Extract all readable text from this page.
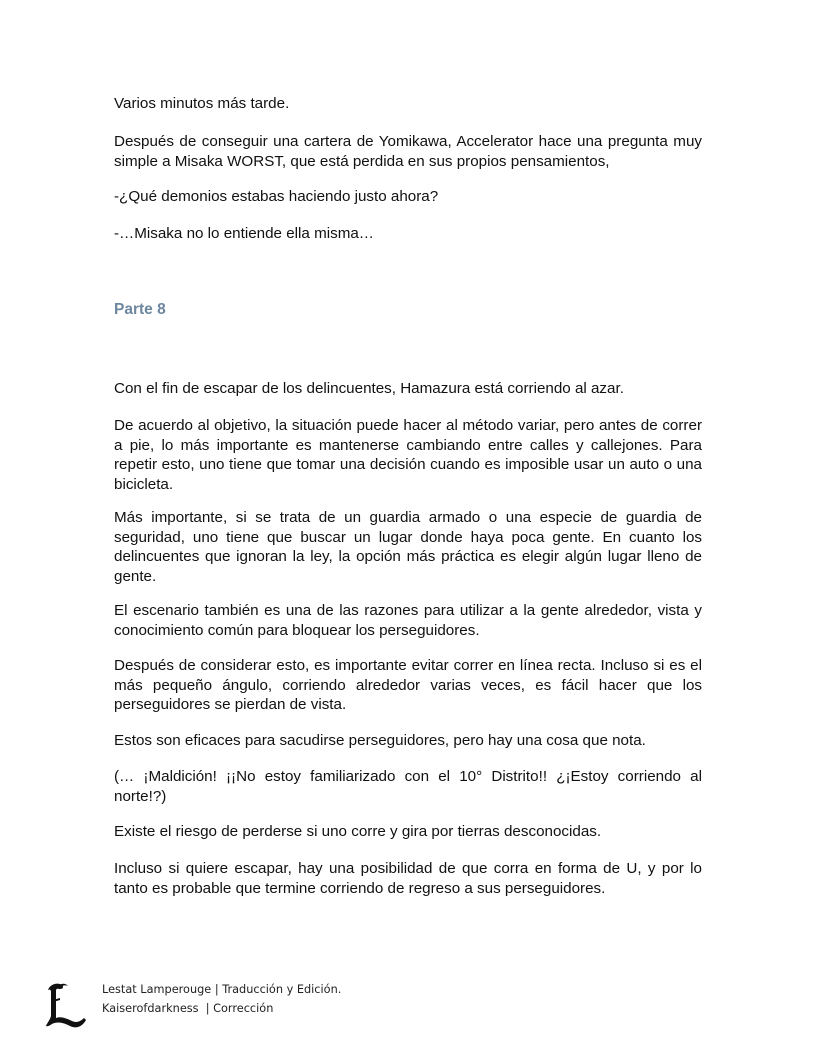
Varios minutos más tarde.

Después de conseguir una cartera de Yomikawa, Accelerator hace una pregunta muy simple a Misaka WORST, que está perdida en sus propios pensamientos,

-¿Qué demonios estabas haciendo justo ahora?

-…Misaka no lo entiende ella misma…

Parte 8

Con el fin de escapar de los delincuentes, Hamazura está corriendo al azar.

De acuerdo al objetivo, la situación puede hacer al método variar, pero antes de correr a pie, lo más importante es mantenerse cambiando entre calles y callejones. Para repetir esto, uno tiene que tomar una decisión cuando es imposible usar un auto o una bicicleta.

Más importante, si se trata de un guardia armado o una especie de guardia de seguridad, uno tiene que buscar un lugar donde haya poca gente. En cuanto los delincuentes que ignoran la ley, la opción más práctica es elegir algún lugar lleno de gente.

El escenario también es una de las razones para utilizar a la gente alrededor, vista y conocimiento común para bloquear los perseguidores.

Después de considerar esto, es importante evitar correr en línea recta. Incluso si es el más pequeño ángulo, corriendo alrededor varias veces, es fácil hacer que los perseguidores se pierdan de vista.

Estos son eficaces para sacudirse perseguidores, pero hay una cosa que nota.

(… ¡Maldición! ¡¡No estoy familiarizado con el 10° Distrito!! ¿¡Estoy corriendo al norte!?)

Existe el riesgo de perderse si uno corre y gira por tierras desconocidas.

Incluso si quiere escapar, hay una posibilidad de que corra en forma de U, y por lo tanto es probable que termine corriendo de regreso a sus perseguidores.

Lestat Lamperouge | Traducción y Edición.
Kaiserofdarkness  | Corrección
